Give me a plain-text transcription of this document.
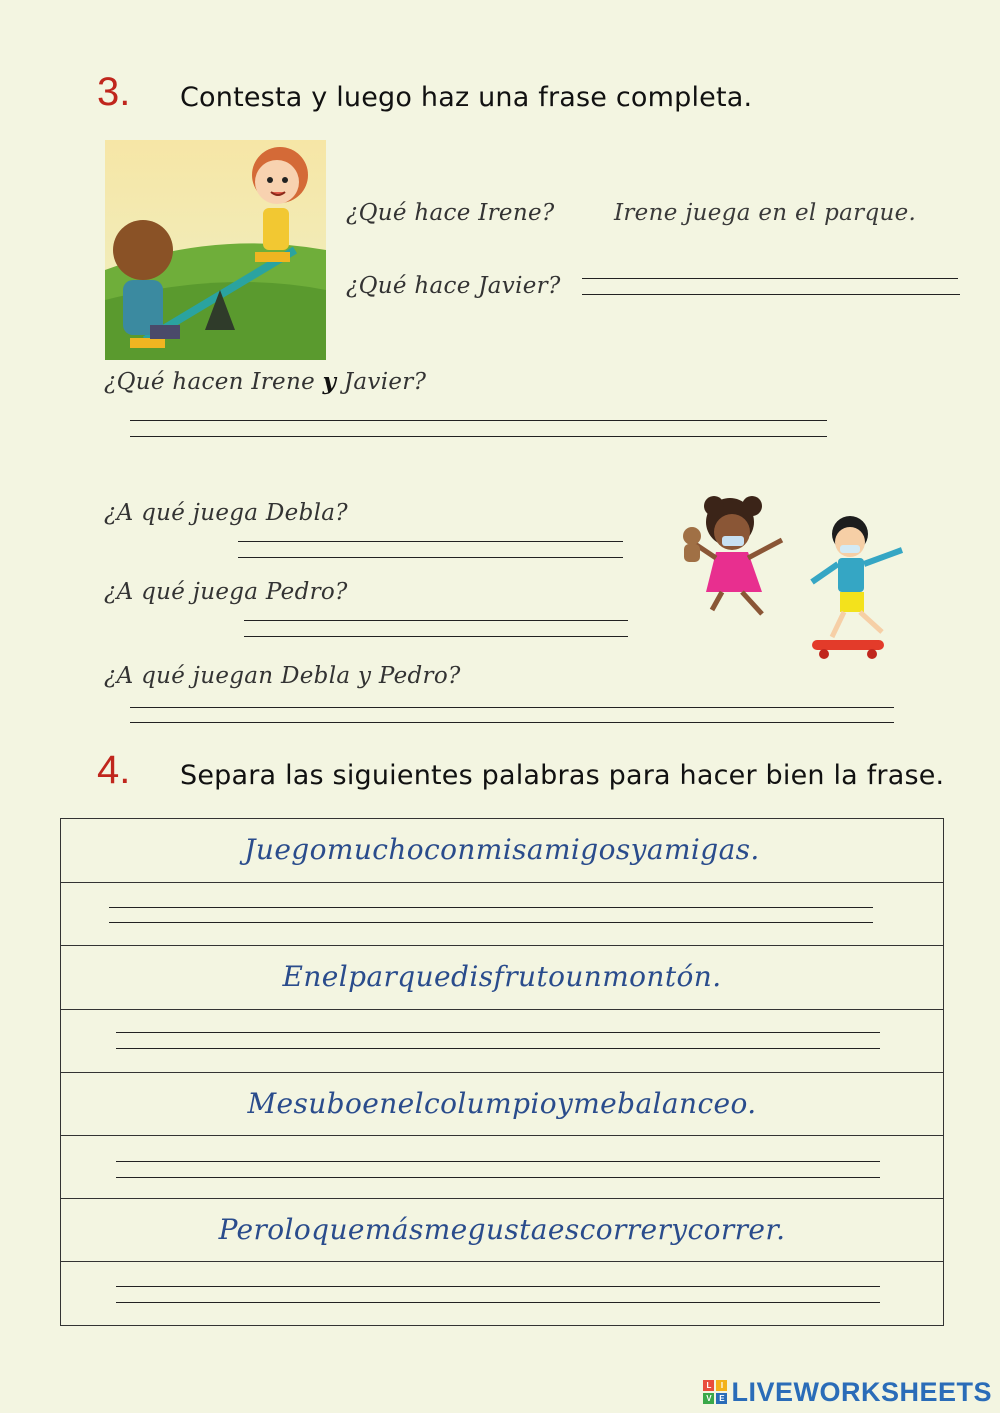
3. Contesta y luego haz una frase completa.
¿Qué hace Irene?	Irene juega en el parque.
¿Qué hace Javier?
¿Qué hacen Irene y Javier?
¿A qué juega Debla?
¿A qué juega Pedro?
¿A qué juegan Debla y Pedro?
4. Separa las siguientes palabras para hacer bien la frase.
Juegomuchoconmisamigosyamigas.
Enelparquedisfrutounmontón.
Mesuboenelcolumpioymebalanceo.
Peroloquemásmegustaescorrerycorrer.
L	I
V E LIVEWORKSHEETS
